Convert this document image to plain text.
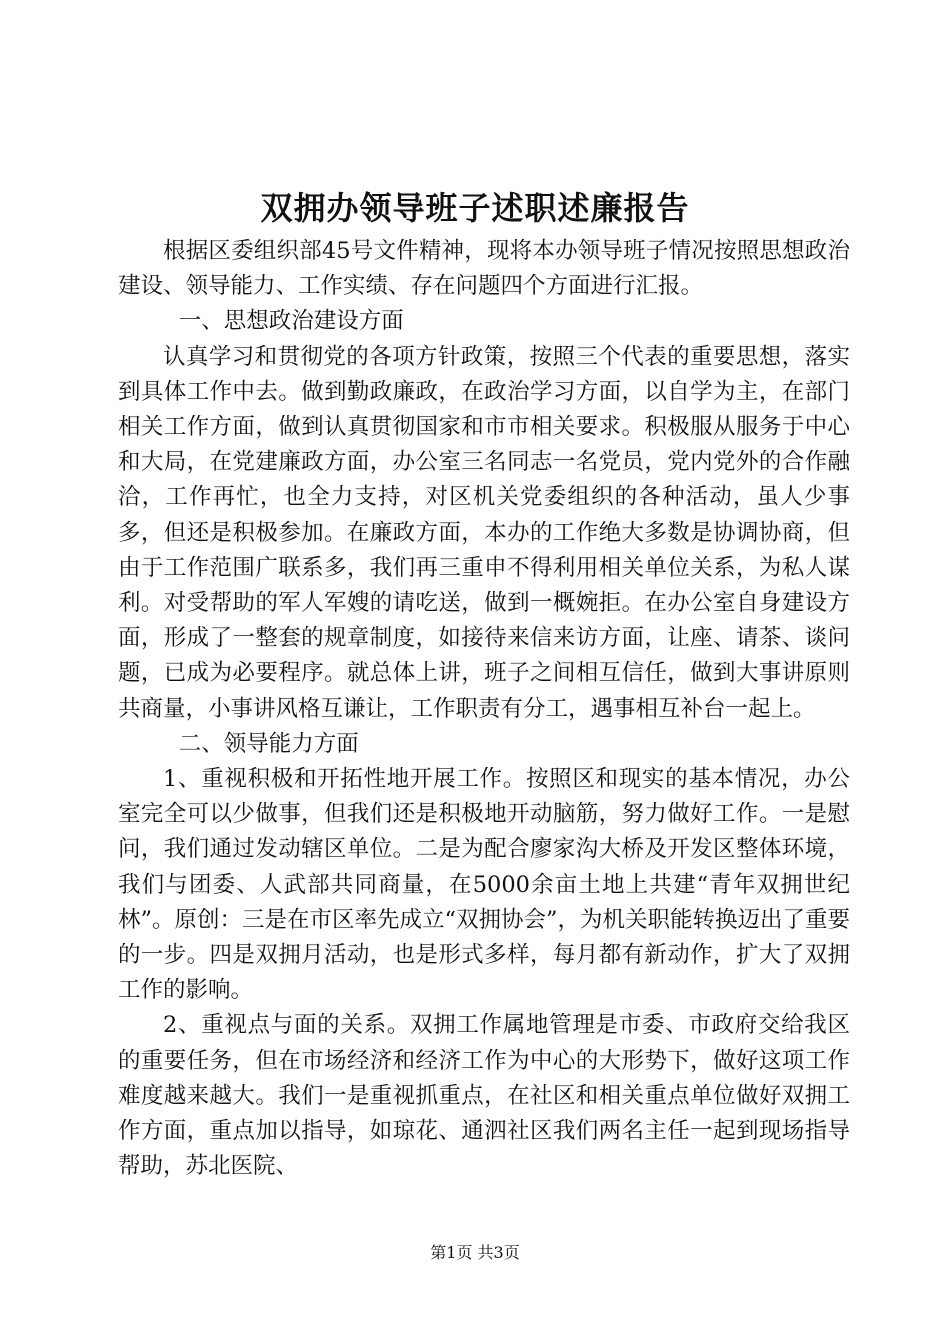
双拥办领导班子述职述廉报告

根据区委组织部45号文件精神，现将本办领导班子情况按照思想政治建设、领导能力、工作实绩、存在问题四个方面进行汇报。

一、思想政治建设方面

认真学习和贯彻党的各项方针政策，按照三个代表的重要思想，落实到具体工作中去。做到勤政廉政，在政治学习方面，以自学为主，在部门相关工作方面，做到认真贯彻国家和市市相关要求。积极服从服务于中心和大局，在党建廉政方面，办公室三名同志一名党员，党内党外的合作融洽，工作再忙，也全力支持，对区机关党委组织的各种活动，虽人少事多，但还是积极参加。在廉政方面，本办的工作绝大多数是协调协商，但由于工作范围广联系多，我们再三重申不得利用相关单位关系，为私人谋利。对受帮助的军人军嫂的请吃送，做到一概婉拒。在办公室自身建设方面，形成了一整套的规章制度，如接待来信来访方面，让座、请茶、谈问题，已成为必要程序。就总体上讲，班子之间相互信任，做到大事讲原则共商量，小事讲风格互谦让，工作职责有分工，遇事相互补台一起上。

二、领导能力方面

1、重视积极和开拓性地开展工作。按照区和现实的基本情况，办公室完全可以少做事，但我们还是积极地开动脑筋，努力做好工作。一是慰问，我们通过发动辖区单位。二是为配合廖家沟大桥及开发区整体环境，我们与团委、人武部共同商量，在5000余亩土地上共建“青年双拥世纪林”。原创：三是在市区率先成立“双拥协会”，为机关职能转换迈出了重要的一步。四是双拥月活动，也是形式多样，每月都有新动作，扩大了双拥工作的影响。

2、重视点与面的关系。双拥工作属地管理是市委、市政府交给我区的重要任务，但在市场经济和经济工作为中心的大形势下，做好这项工作难度越来越大。我们一是重视抓重点，在社区和相关重点单位做好双拥工作方面，重点加以指导，如琼花、通泗社区我们两名主任一起到现场指导帮助，苏北医院、

第1页 共3页
